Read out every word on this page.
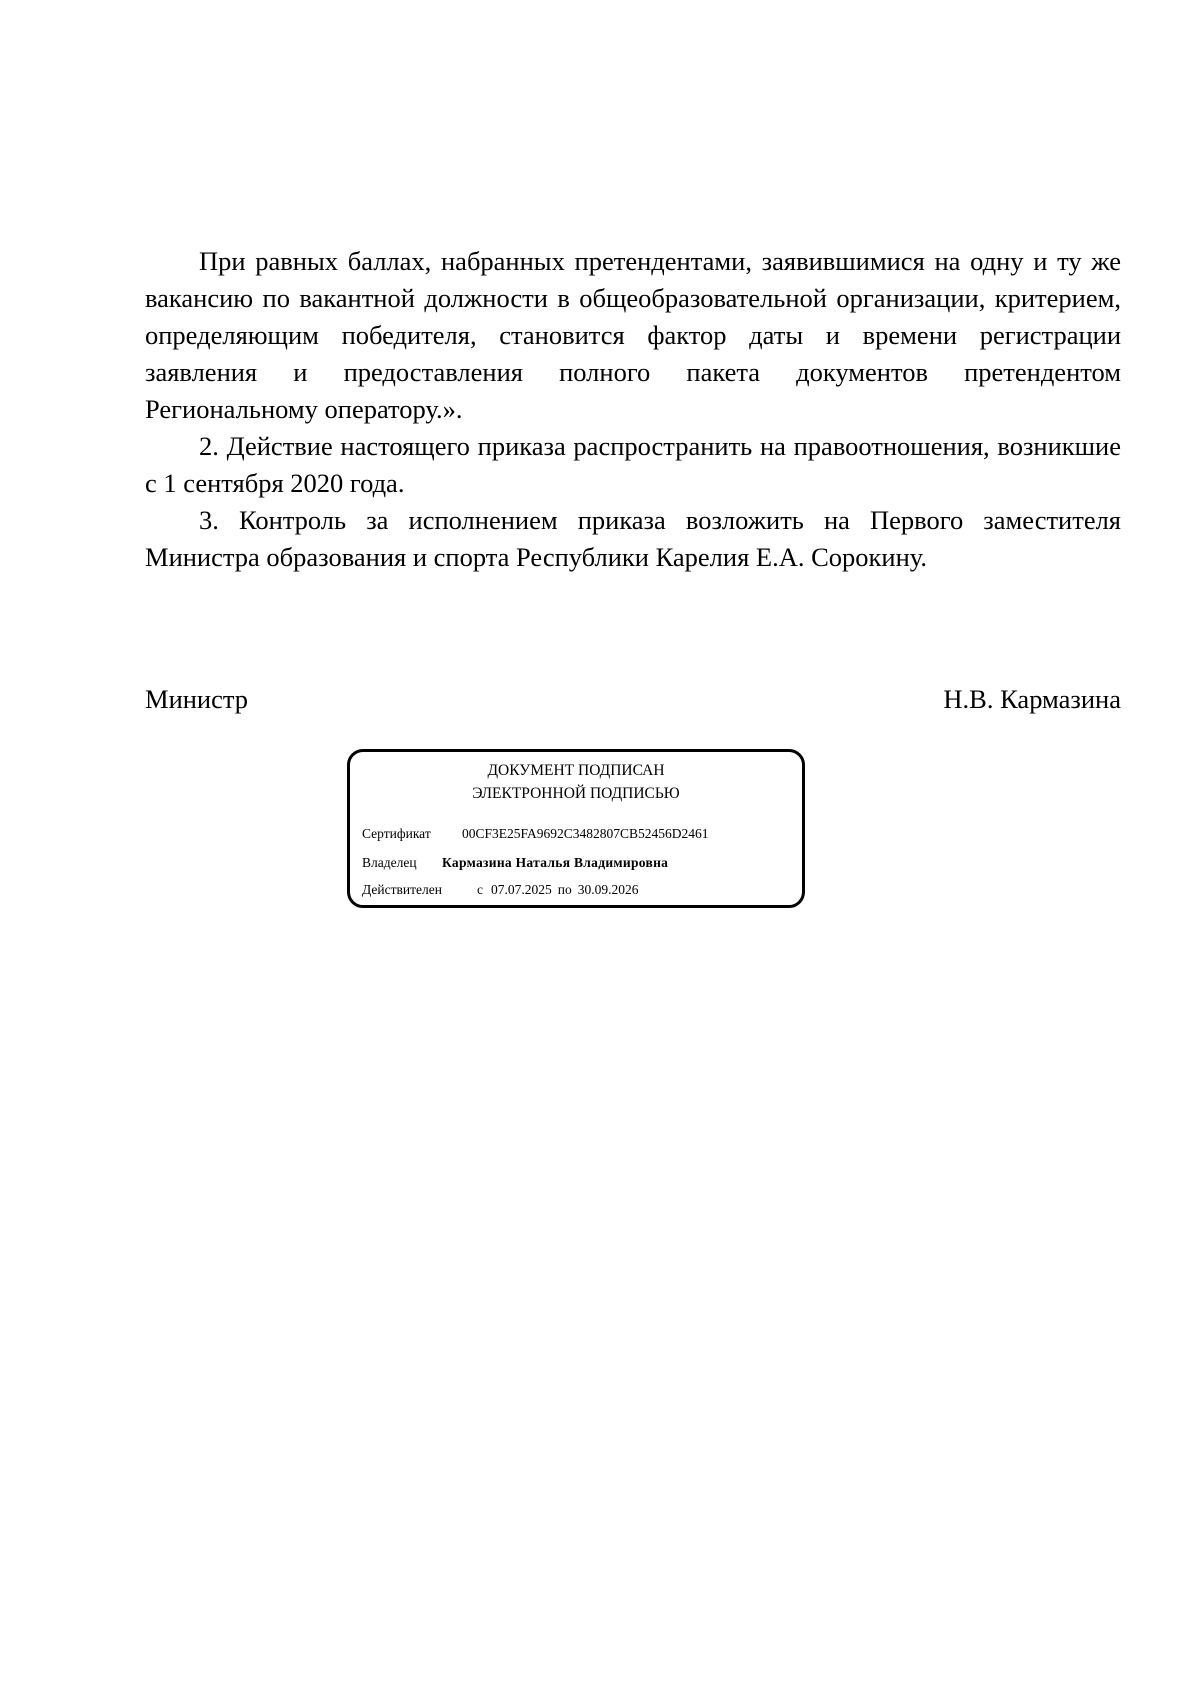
При равных баллах, набранных претендентами, заявившимися на одну и ту же вакансию по вакантной должности в общеобразовательной организации, критерием, определяющим победителя, становится фактор даты и времени регистрации заявления и предоставления полного пакета документов претендентом Региональному оператору.».

2. Действие настоящего приказа распространить на правоотношения, возникшие с 1 сентября 2020 года.

3. Контроль за исполнением приказа возложить на Первого заместителя Министра образования и спорта Республики Карелия Е.А. Сорокину.

Министр	Н.В. Кармазина
ДОКУМЕНТ ПОДПИСАН
ЭЛЕКТРОННОЙ ПОДПИСЬЮ
Сертификат	00CF3E25FA9692C3482807CB52456D2461
Владелец	Кармазина Наталья Владимировна
Действителен	с 07.07.2025 по 30.09.2026
